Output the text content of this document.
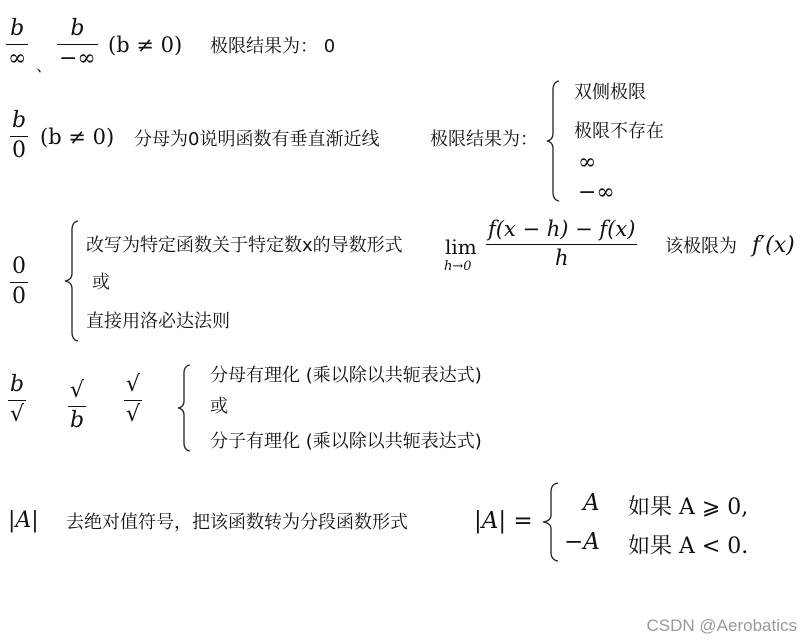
b
∞ 、
b
−∞
(b ≠ 0) 极限结果为： 0
b
0
(b ≠ 0) 分母为0说明函数有垂直渐近线	极限结果为：
双侧极限
极限不存在
∞
−∞
0
0
改写为特定函数关于特定数x的导数形式 lim
h→0
f(x − h) − f(x)
h	该极限为 f′(x)
或
直接用洛必达法则
b
√
√
b
√
√
分母有理化 (乘以除以共轭表达式)
或
分子有理化 (乘以除以共轭表达式)
|A| 去绝对值符号，把该函数转为分段函数形式	|A| =
A 如果 A ⩾ 0,
−A 如果 A < 0.
CSDN @Aerobatics
